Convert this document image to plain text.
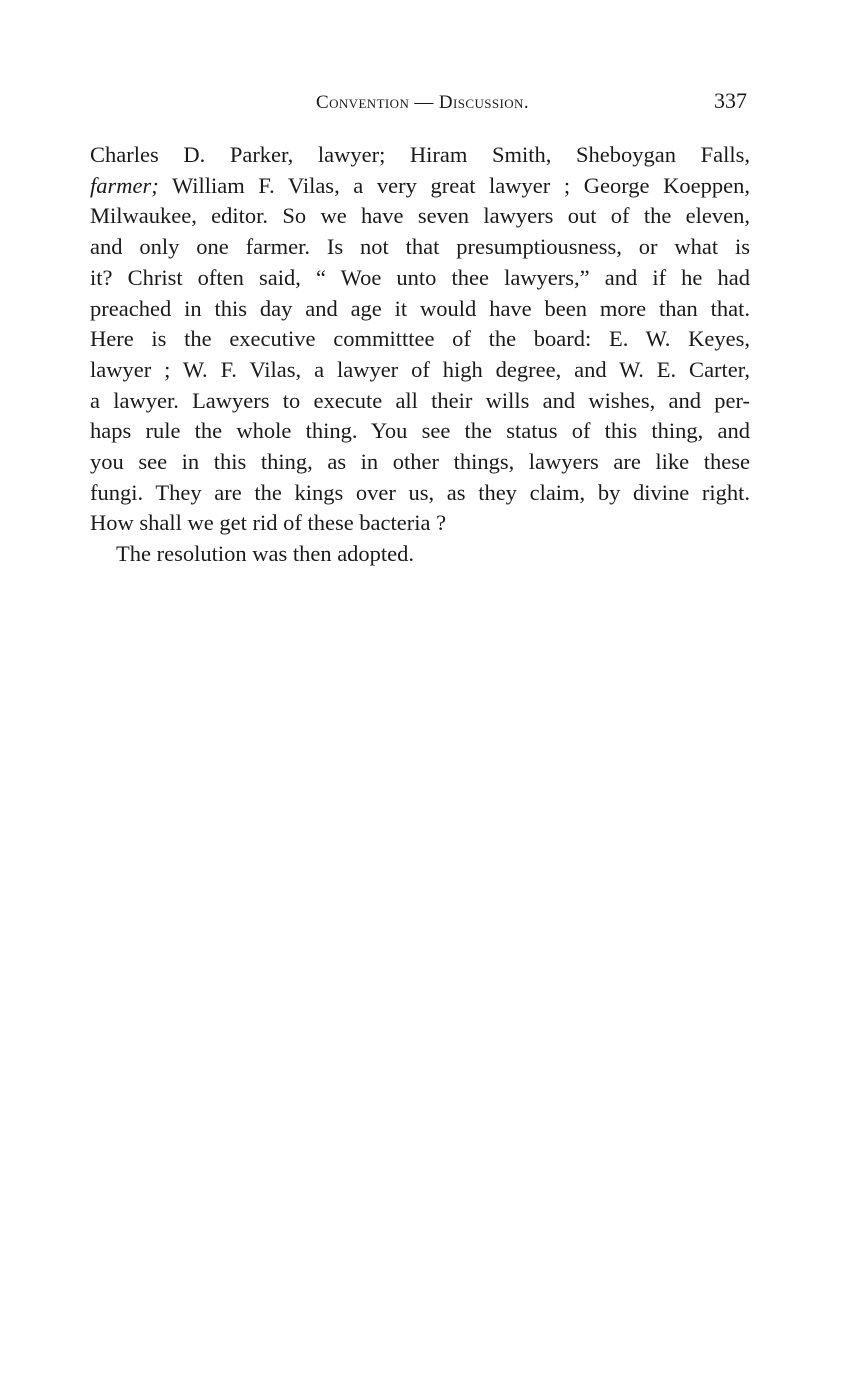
Convention — Discussion.	337

Charles D. Parker, lawyer; Hiram Smith, Sheboygan Falls,
farmer; William F. Vilas, a very great lawyer ; George Koeppen,
Milwaukee, editor. So we have seven lawyers out of the eleven,
and only one farmer. Is not that presumptiousness, or what is
it? Christ often said, “ Woe unto thee lawyers,” and if he had
preached in this day and age it would have been more than that.
Here is the executive committtee of the board: E. W. Keyes,
lawyer ; W. F. Vilas, a lawyer of high degree, and W. E. Carter,
a lawyer. Lawyers to execute all their wills and wishes, and per-
haps rule the whole thing. You see the status of this thing, and
you see in this thing, as in other things, lawyers are like these
fungi. They are the kings over us, as they claim, by divine right.
How shall we get rid of these bacteria ?

The resolution was then adopted.
